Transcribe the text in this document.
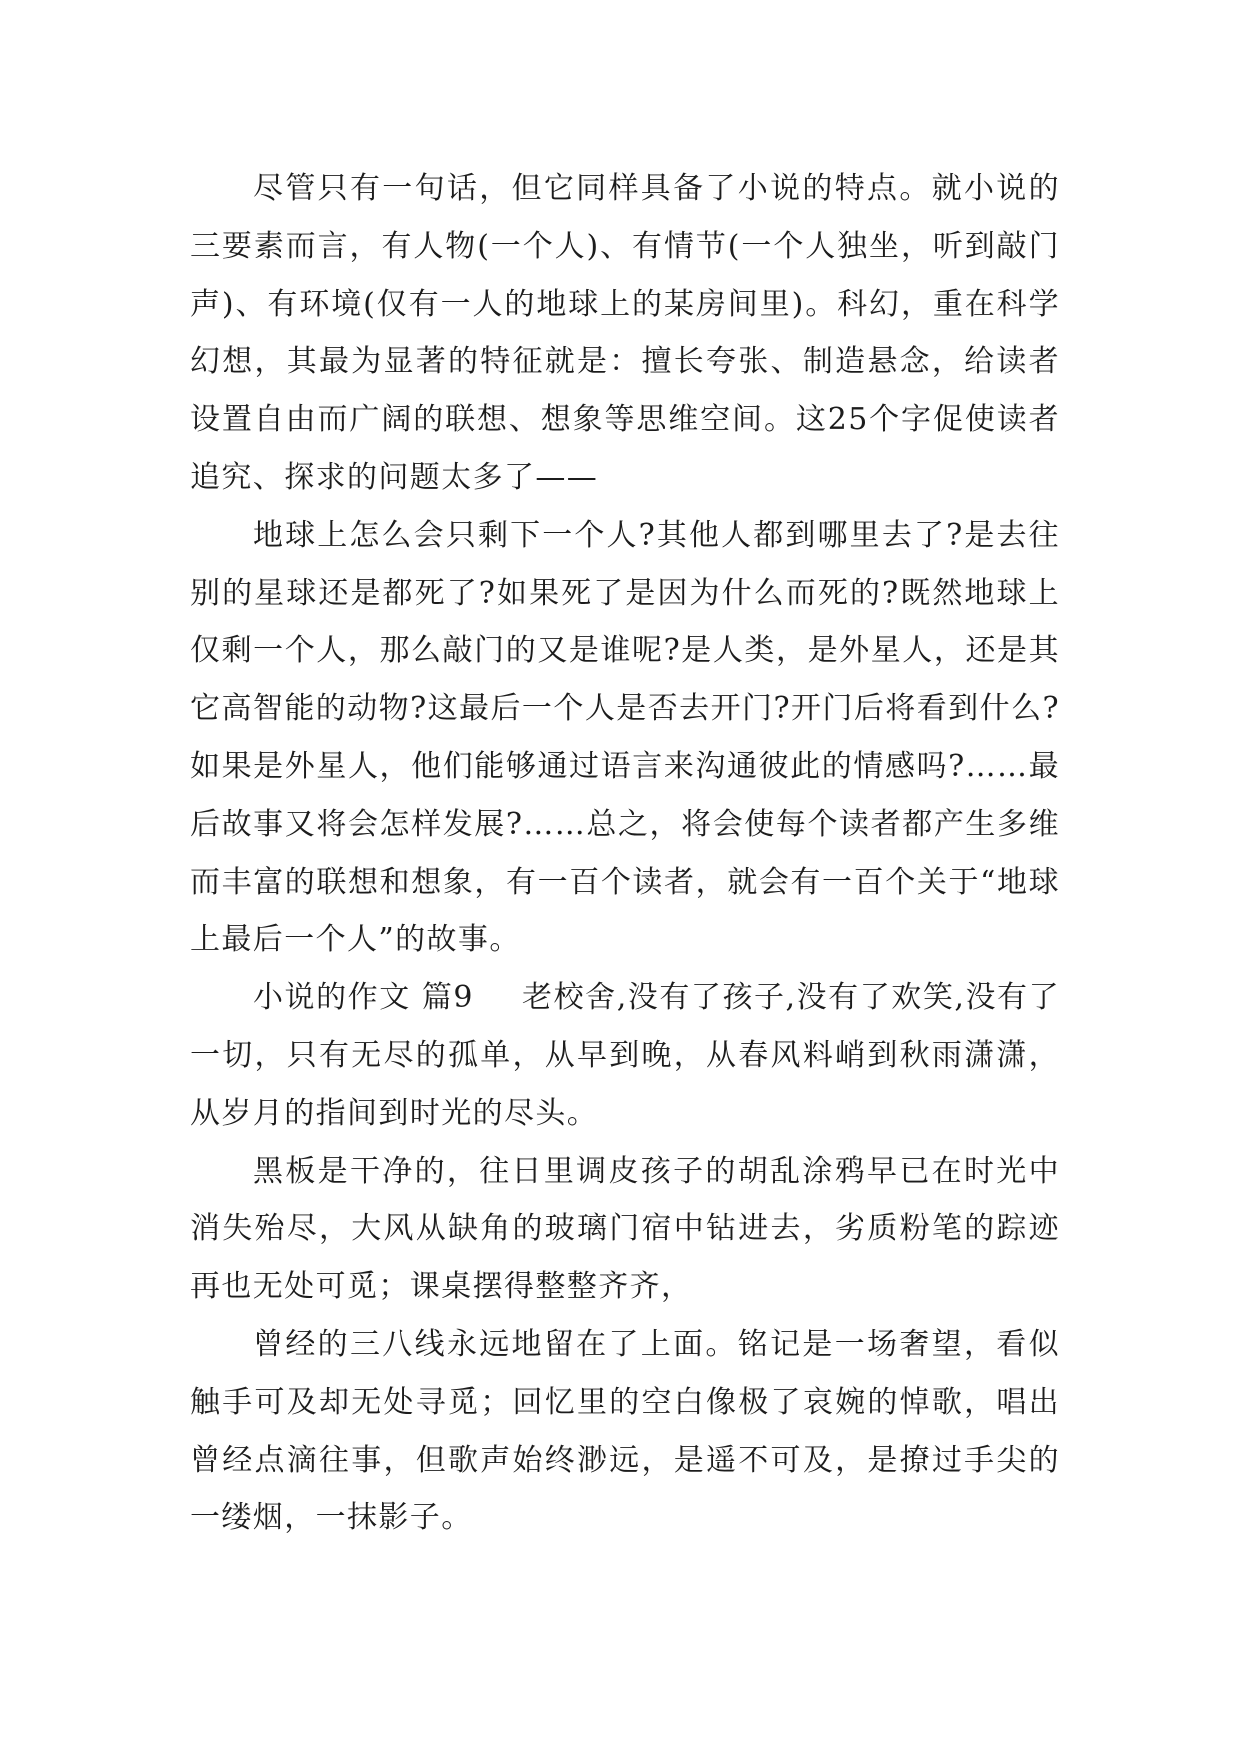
尽管只有一句话，但它同样具备了小说的特点。就小说的三要素而言，有人物(一个人)、有情节(一个人独坐，听到敲门声)、有环境(仅有一人的地球上的某房间里)。科幻，重在科学幻想，其最为显著的特征就是：擅长夸张、制造悬念，给读者设置自由而广阔的联想、想象等思维空间。这25个字促使读者追究、探求的问题太多了——

地球上怎么会只剩下一个人?其他人都到哪里去了?是去往别的星球还是都死了?如果死了是因为什么而死的?既然地球上仅剩一个人，那么敲门的又是谁呢?是人类，是外星人，还是其它高智能的动物?这最后一个人是否去开门?开门后将看到什么?如果是外星人，他们能够通过语言来沟通彼此的情感吗?……最后故事又将会怎样发展?……总之，将会使每个读者都产生多维而丰富的联想和想象，有一百个读者，就会有一百个关于“地球上最后一个人”的故事。

小说的作文 篇9 老校舍,没有了孩子,没有了欢笑,没有了一切，只有无尽的孤单，从早到晚，从春风料峭到秋雨潇潇，从岁月的指间到时光的尽头。

黑板是干净的，往日里调皮孩子的胡乱涂鸦早已在时光中消失殆尽，大风从缺角的玻璃门宿中钻进去，劣质粉笔的踪迹再也无处可觅；课桌摆得整整齐齐，

曾经的三八线永远地留在了上面。铭记是一场奢望，看似触手可及却无处寻觅；回忆里的空白像极了哀婉的悼歌，唱出曾经点滴往事，但歌声始终渺远，是遥不可及，是撩过手尖的一缕烟，一抹影子。
